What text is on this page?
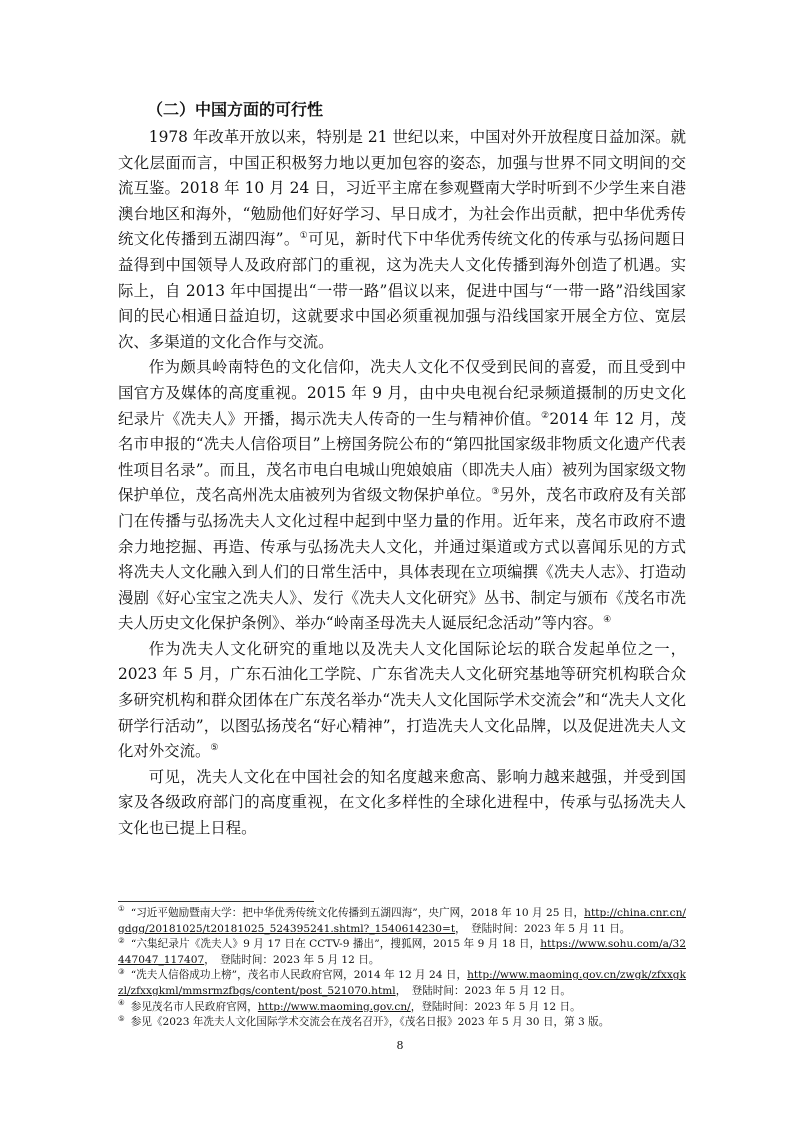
（二）中国方面的可行性

1978 年改革开放以来，特别是 21 世纪以来，中国对外开放程度日益加深。就文化层面而言，中国正积极努力地以更加包容的姿态，加强与世界不同文明间的交流互鉴。2018 年 10 月 24 日，习近平主席在参观暨南大学时听到不少学生来自港澳台地区和海外，“勉励他们好好学习、早日成才，为社会作出贡献，把中华优秀传统文化传播到五湖四海”。①可见，新时代下中华优秀传统文化的传承与弘扬问题日益得到中国领导人及政府部门的重视，这为冼夫人文化传播到海外创造了机遇。实际上，自 2013 年中国提出“一带一路”倡议以来，促进中国与“一带一路”沿线国家间的民心相通日益迫切，这就要求中国必须重视加强与沿线国家开展全方位、宽层次、多渠道的文化合作与交流。

作为颇具岭南特色的文化信仰，冼夫人文化不仅受到民间的喜爱，而且受到中国官方及媒体的高度重视。2015 年 9 月，由中央电视台纪录频道摄制的历史文化纪录片《冼夫人》开播，揭示冼夫人传奇的一生与精神价值。②2014 年 12 月，茂名市申报的“冼夫人信俗项目”上榜国务院公布的“第四批国家级非物质文化遗产代表性项目名录”。而且，茂名市电白电城山兜娘娘庙（即冼夫人庙）被列为国家级文物保护单位，茂名高州冼太庙被列为省级文物保护单位。③另外，茂名市政府及有关部门在传播与弘扬冼夫人文化过程中起到中坚力量的作用。近年来，茂名市政府不遗余力地挖掘、再造、传承与弘扬冼夫人文化，并通过渠道或方式以喜闻乐见的方式将冼夫人文化融入到人们的日常生活中，具体表现在立项编撰《冼夫人志》、打造动漫剧《好心宝宝之冼夫人》、发行《冼夫人文化研究》丛书、制定与颁布《茂名市冼夫人历史文化保护条例》、举办“岭南圣母冼夫人诞辰纪念活动”等内容。④

作为冼夫人文化研究的重地以及冼夫人文化国际论坛的联合发起单位之一，2023 年 5 月，广东石油化工学院、广东省冼夫人文化研究基地等研究机构联合众多研究机构和群众团体在广东茂名举办“冼夫人文化国际学术交流会”和“冼夫人文化研学行活动”，以图弘扬茂名“好心精神”，打造冼夫人文化品牌，以及促进冼夫人文化对外交流。⑤

可见，冼夫人文化在中国社会的知名度越来愈高、影响力越来越强，并受到国家及各级政府部门的高度重视，在文化多样性的全球化进程中，传承与弘扬冼夫人文化也已提上日程。

① “习近平勉励暨南大学：把中华优秀传统文化传播到五湖四海”，央广网，2018 年 10 月 25 日，http://china.cnr.cn/gdgg/20181025/t20181025_524395241.shtml?_1540614230=t，　登陆时间：2023 年 5 月 11 日。

② “六集纪录片《冼夫人》9 月 17 日在 CCTV-9 播出”，搜狐网，2015 年 9 月 18 日，https://www.sohu.com/a/32447047_117407，　登陆时间：2023 年 5 月 12 日。

③ “冼夫人信俗成功上榜”，茂名市人民政府官网，2014 年 12 月 24 日，http://www.maoming.gov.cn/zwgk/zfxxgkzl/zfxxgkml/mmsrmzfbgs/content/post_521070.html，　登陆时间：2023 年 5 月 12 日。

④ 参见茂名市人民政府官网，http://www.maoming.gov.cn/，登陆时间：2023 年 5 月 12 日。

⑤ 参见《2023 年冼夫人文化国际学术交流会在茂名召开》，《茂名日报》2023 年 5 月 30 日，第 3 版。

8
